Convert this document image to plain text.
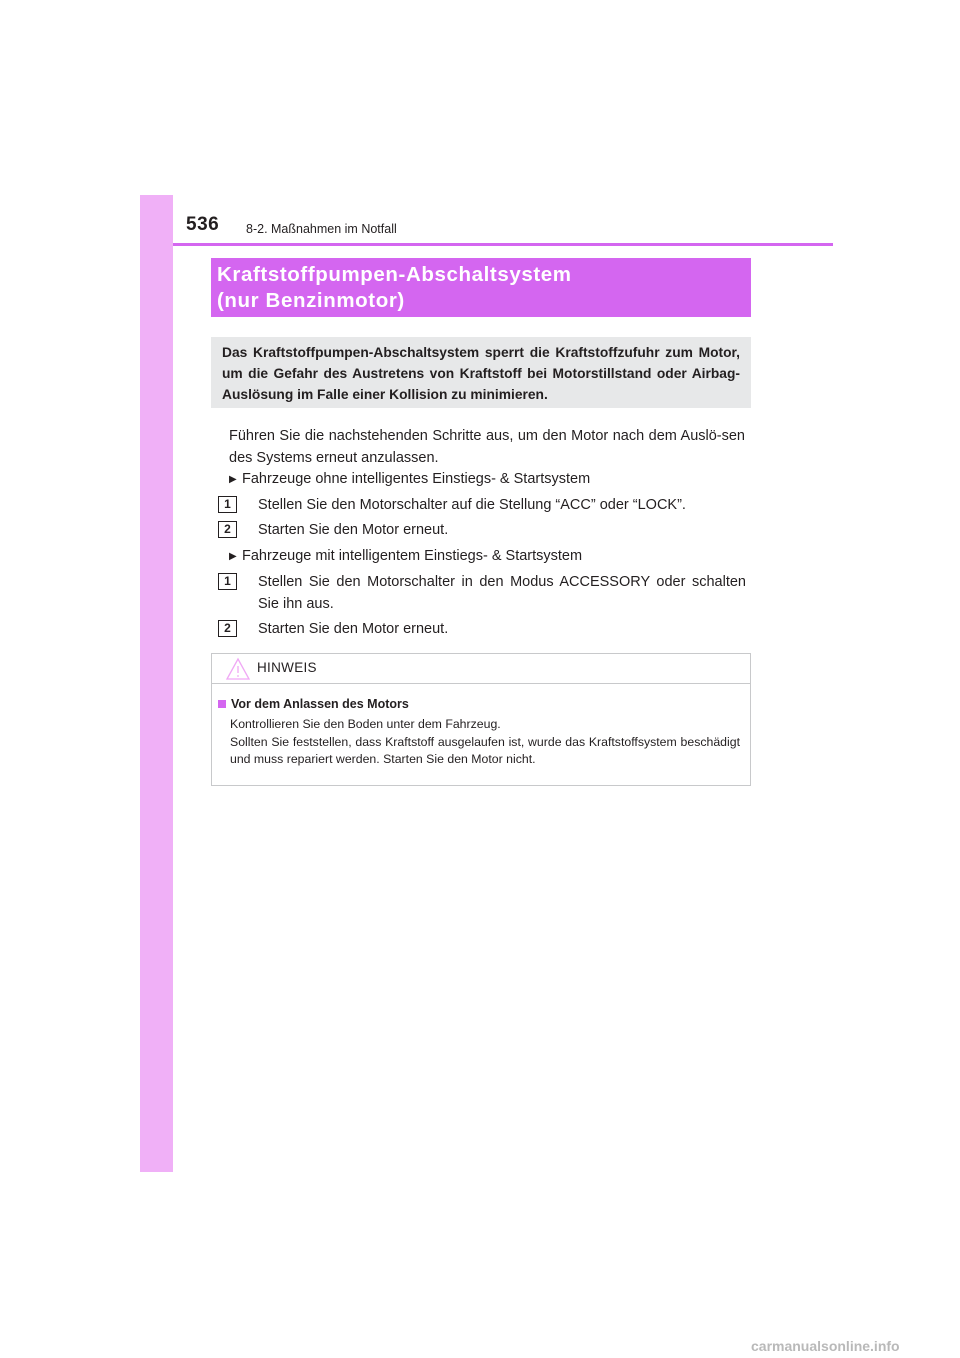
536 8-2. Maßnahmen im Notfall
Kraftstoffpumpen-Abschaltsystem
(nur Benzinmotor)
Das Kraftstoffpumpen-Abschaltsystem sperrt die Kraftstoffzufuhr zum Motor, um die Gefahr des Austretens von Kraftstoff bei Motorstillstand oder Airbag-Auslösung im Falle einer Kollision zu minimieren.
Führen Sie die nachstehenden Schritte aus, um den Motor nach dem Auslö-sen des Systems erneut anzulassen.
▶ Fahrzeuge ohne intelligentes Einstiegs- & Startsystem
1	Stellen Sie den Motorschalter auf die Stellung “ACC” oder “LOCK”.
2	Starten Sie den Motor erneut.
▶ Fahrzeuge mit intelligentem Einstiegs- & Startsystem
1	Stellen Sie den Motorschalter in den Modus ACCESSORY oder schalten Sie ihn aus.
2	Starten Sie den Motor erneut.
HINWEIS
Vor dem Anlassen des Motors
Kontrollieren Sie den Boden unter dem Fahrzeug.
Sollten Sie feststellen, dass Kraftstoff ausgelaufen ist, wurde das Kraftstoffsystem beschädigt und muss repariert werden. Starten Sie den Motor nicht.
carmanualsonline.info
